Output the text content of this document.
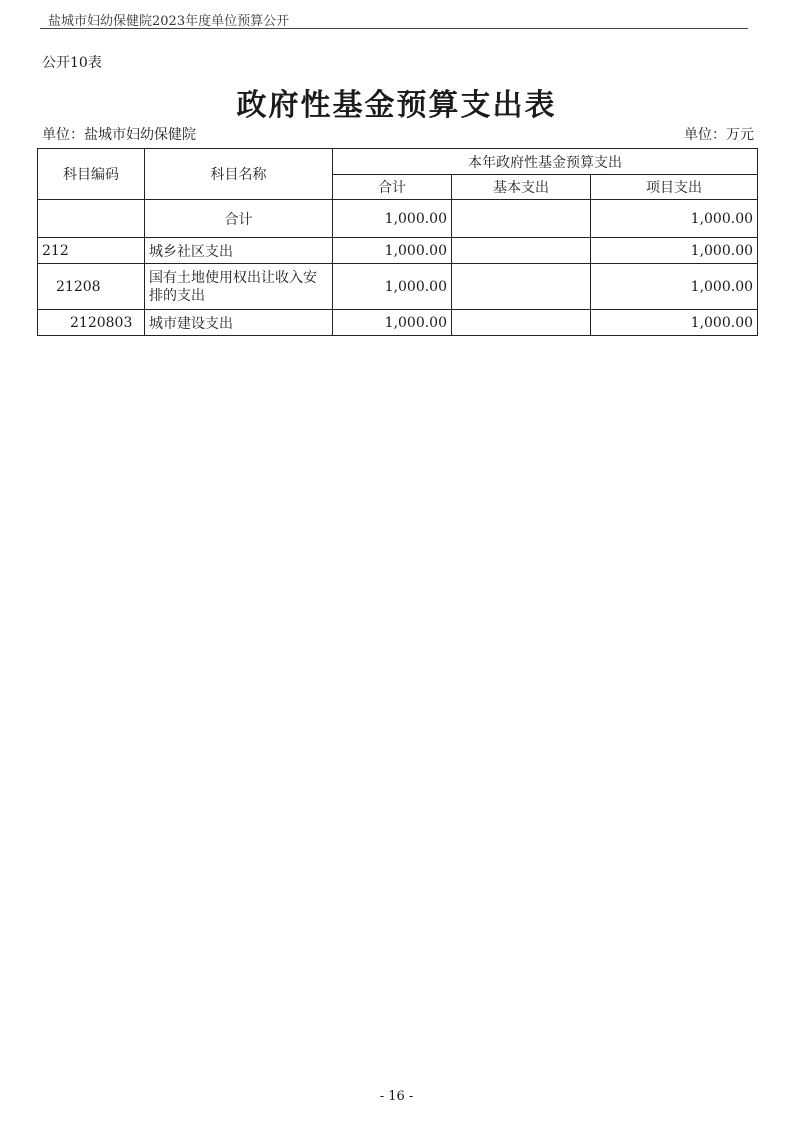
盐城市妇幼保健院2023年度单位预算公开
公开10表
政府性基金预算支出表
单位：盐城市妇幼保健院	单位：万元
科目编码	科目名称	本年政府性基金预算支出		
		合计	基本支出	项目支出
	合计	1,000.00		1,000.00
212	城乡社区支出	1,000.00		1,000.00
21208	国有土地使用权出让收入安排的支出	1,000.00		1,000.00
2120803	城市建设支出	1,000.00		1,000.00
- 16 -
